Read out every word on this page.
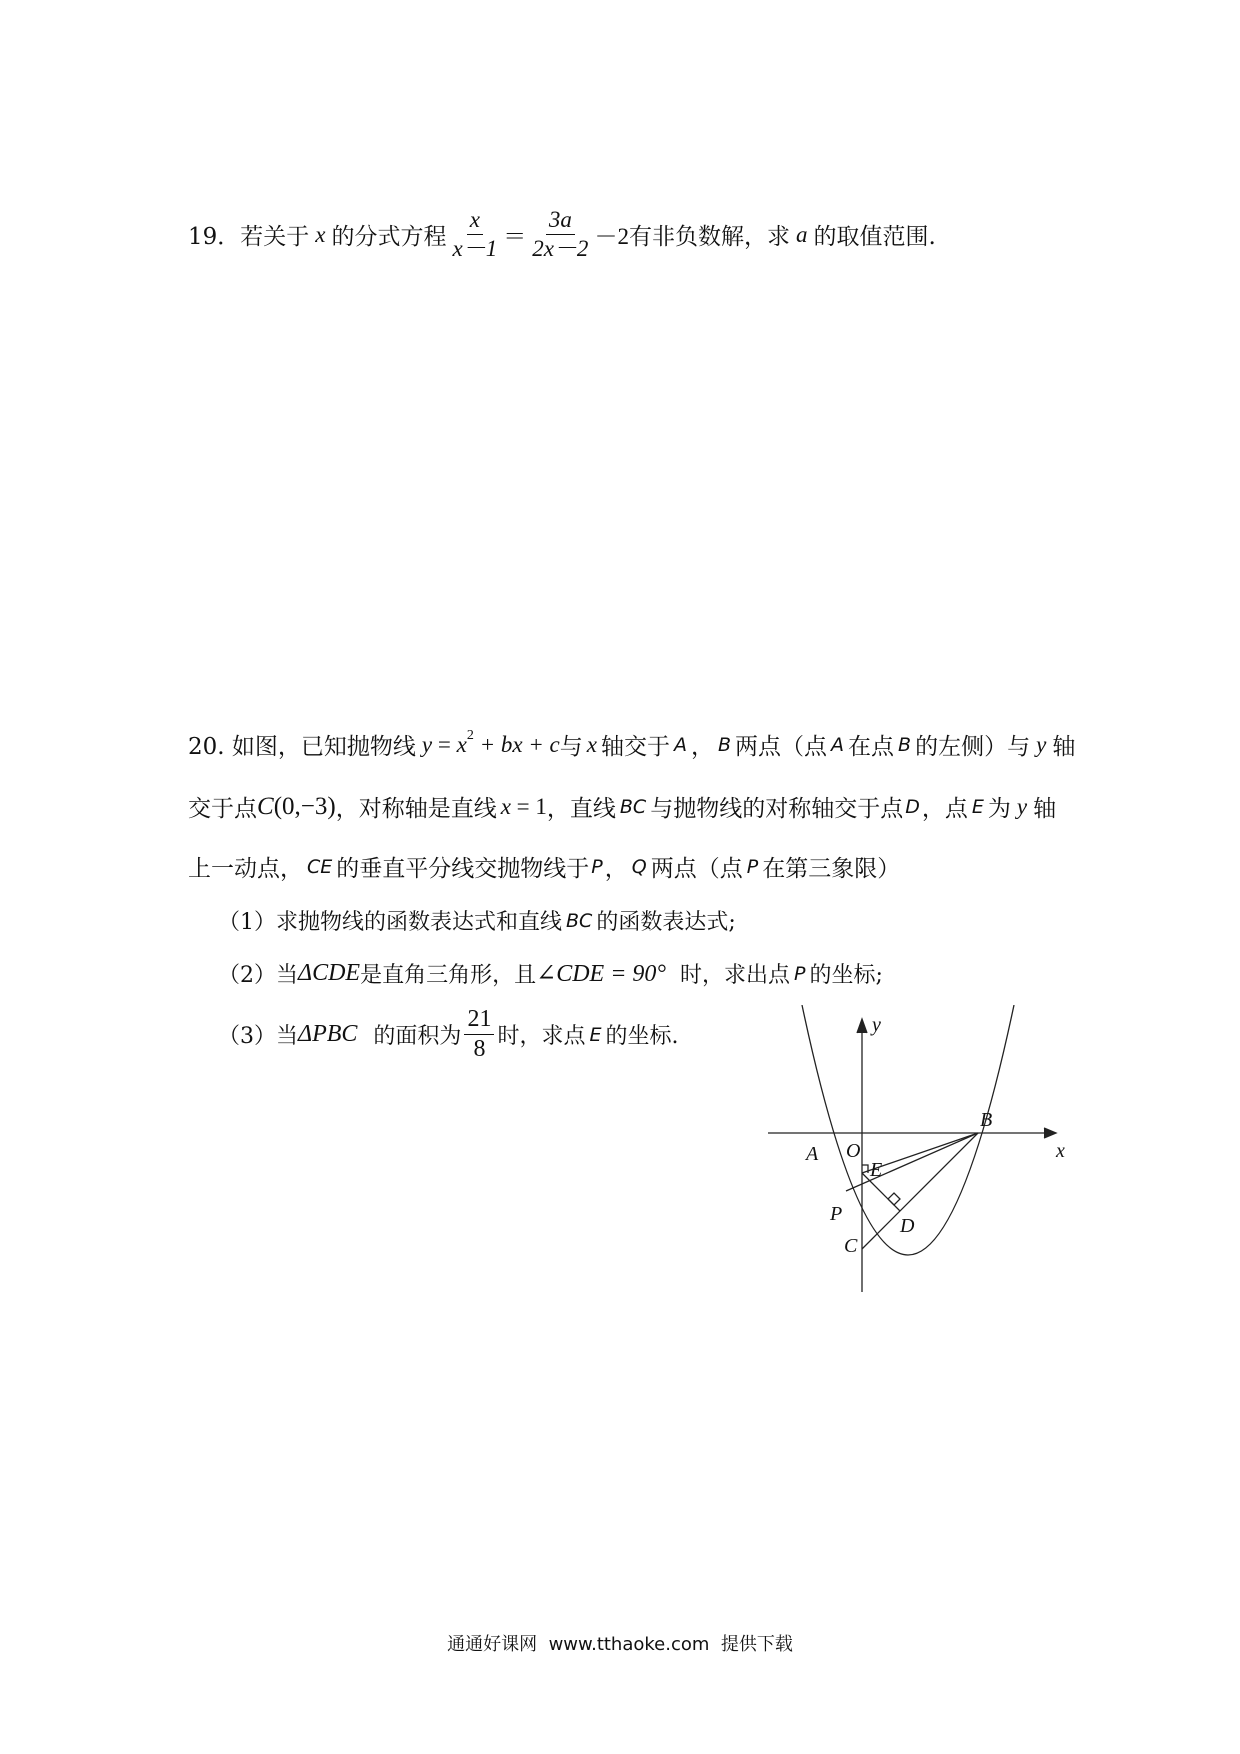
19． 若关于 x 的分式方程 $\frac{x}{x-1} = \frac{3a}{2x-2} -2$ 有非负数解，求 a 的取值范围.
20. 如图，已知抛物线 y = x 2 + bx + c 与 x 轴交于 A ， B 两点（点 A 在点 B 的左侧）与 y 轴
交于点 C (0,−3) ，对称轴是直线 x = 1 ，直线 BC 与抛物线的对称轴交于点 D ，点 E 为 y 轴
上一动点， CE 的垂直平分线交抛物线于 P ， Q 两点（点 P 在第三象限）
（1）求抛物线的函数表达式和直线 BC 的函数表达式;
（2）当 ΔCDE 是直角三角形，且 ∠CDE = 90° 时，求出点 P 的坐标;
（3）当 ΔPBC 的面积为 $\frac{21}{8}$ 时，求点 E 的坐标.	y
x
O
A
B
E
P
D
C
通通好课网  www.tthaoke.com  提供下载
